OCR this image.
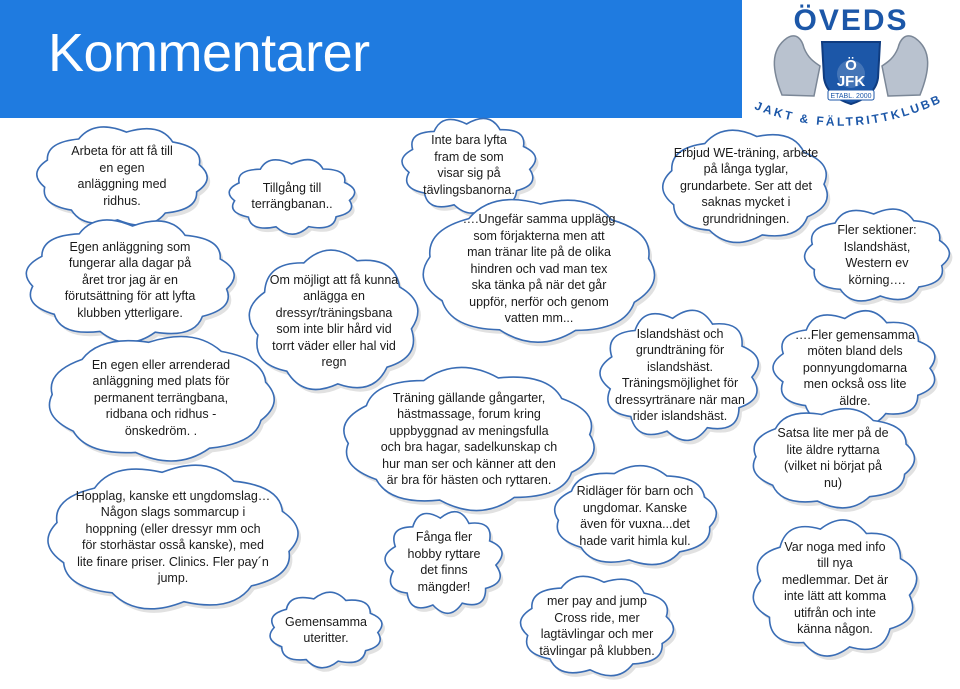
Kommentarer
ÖVEDS
Ö JFK
ETABL. 2000
JAKT & FÄLTRITTKLUBB
Arbeta för att få till
en egen
anläggning med
ridhus.
Egen anläggning som
fungerar alla dagar på
året tror jag är en
förutsättning för att lyfta
klubben ytterligare.
En egen eller arrenderad
anläggning med plats för
permanent terrängbana,
ridbana och ridhus -
önskedröm. .
Hopplag, kanske ett ungdomslag…
Någon slags sommarcup i
hoppning (eller dressyr mm och
för storhästar osså kanske), med
lite finare priser. Clinics. Fler pay´n
jump.
Tillgång till
terrängbanan..
Om möjligt att få kunna
anlägga en
dressyr/träningsbana
som inte blir hård vid
torrt väder eller hal vid
regn
Gemensamma
uteritter.
Inte bara lyfta
fram de som
visar sig på
tävlingsbanorna.
….Ungefär samma upplägg
som förjakterna men att
man tränar lite på de olika
hindren och vad man tex
ska tänka på när det går
uppför, nerför och genom
vatten mm...
Träning gällande gångarter,
hästmassage, forum kring
uppbyggnad av meningsfulla
och bra hagar, sadelkunskap ch
hur man ser och känner att den
är bra för hästen och ryttaren.
Fånga fler
hobby ryttare
det finns
mängder!
Ridläger för barn och
ungdomar. Kanske
även för vuxna...det
hade varit himla kul.
mer pay and jump
Cross ride, mer
lagtävlingar och mer
tävlingar på klubben.
Islandshäst och
grundträning för
islandshäst.
Träningsmöjlighet för
dressyrtränare när man
rider islandshäst.
Erbjud WE-träning, arbete
på långa tyglar,
grundarbete. Ser att det
saknas mycket i
grundridningen.
Fler sektioner:
Islandshäst,
Western ev
körning….
….Fler gemensamma
möten bland dels
ponnyungdomarna
men också oss lite
äldre.
Satsa lite mer på de
lite äldre ryttarna
(vilket ni börjat på
nu)
Var noga med info
till nya
medlemmar. Det är
inte lätt att komma
utifrån och inte
känna någon.
